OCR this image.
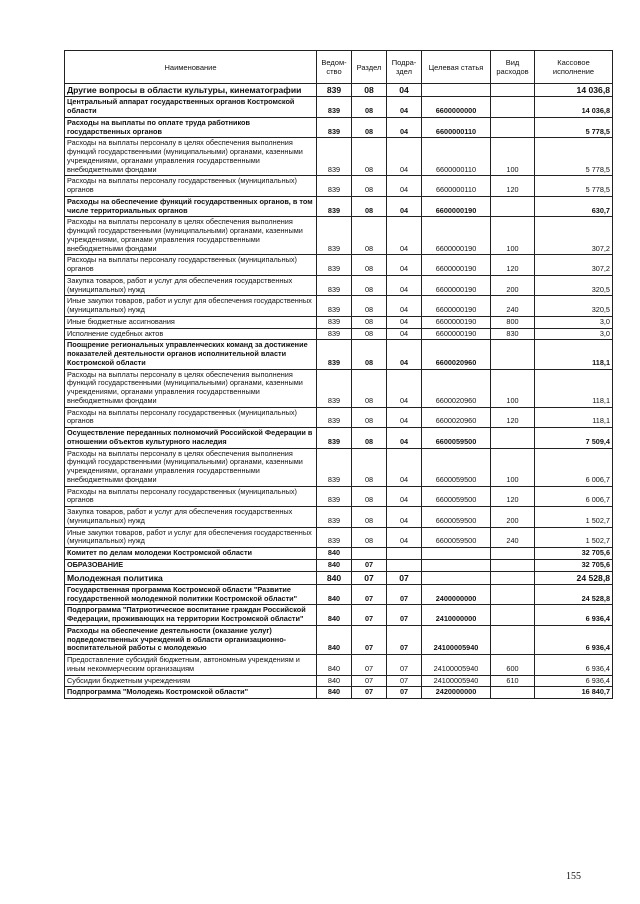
Наименование	Ведом-ство	Раздел	Подра-здел	Целевая статья	Вид расходов	Кассовое исполнение
Другие вопросы в области культуры, кинематографии	839	08	04			14 036,8
Центральный аппарат государственных органов Костромской области	839	08	04	6600000000		14 036,8
Расходы на выплаты по оплате труда работников государственных органов	839	08	04	6600000110		5 778,5
Расходы на выплаты персоналу в целях обеспечения выполнения функций государственными (муниципальными) органами, казенными учреждениями, органами управления государственными внебюджетными фондами	839	08	04	6600000110	100	5 778,5
Расходы на выплаты персоналу государственных (муниципальных) органов	839	08	04	6600000110	120	5 778,5
Расходы на обеспечение функций государственных органов, в том числе территориальных органов	839	08	04	6600000190		630,7
Расходы на выплаты персоналу в целях обеспечения выполнения функций государственными (муниципальными) органами, казенными учреждениями, органами управления государственными внебюджетными фондами	839	08	04	6600000190	100	307,2
Расходы на выплаты персоналу государственных (муниципальных) органов	839	08	04	6600000190	120	307,2
Закупка товаров, работ и услуг для обеспечения государственных (муниципальных) нужд	839	08	04	6600000190	200	320,5
Иные закупки товаров, работ и услуг для обеспечения государственных (муниципальных) нужд	839	08	04	6600000190	240	320,5
Иные бюджетные ассигнования	839	08	04	6600000190	800	3,0
Исполнение судебных актов	839	08	04	6600000190	830	3,0
Поощрение региональных управленческих команд за достижение показателей деятельности органов исполнительной власти Костромской области	839	08	04	6600020960		118,1
Расходы на выплаты персоналу в целях обеспечения выполнения функций государственными (муниципальными) органами, казенными учреждениями, органами управления государственными внебюджетными фондами	839	08	04	6600020960	100	118,1
Расходы на выплаты персоналу государственных (муниципальных) органов	839	08	04	6600020960	120	118,1
Осуществление переданных полномочий Российской Федерации в отношении объектов культурного наследия	839	08	04	6600059500		7 509,4
Расходы на выплаты персоналу в целях обеспечения выполнения функций государственными (муниципальными) органами, казенными учреждениями, органами управления государственными внебюджетными фондами	839	08	04	6600059500	100	6 006,7
Расходы на выплаты персоналу государственных (муниципальных) органов	839	08	04	6600059500	120	6 006,7
Закупка товаров, работ и услуг для обеспечения государственных (муниципальных) нужд	839	08	04	6600059500	200	1 502,7
Иные закупки товаров, работ и услуг для обеспечения государственных (муниципальных) нужд	839	08	04	6600059500	240	1 502,7
Комитет по делам молодежи Костромской области	840					32 705,6
ОБРАЗОВАНИЕ	840	07				32 705,6
Молодежная политика	840	07	07			24 528,8
Государственная программа Костромской области "Развитие государственной молодежной политики Костромской области"	840	07	07	2400000000		24 528,8
Подпрограмма "Патриотическое воспитание граждан Российской Федерации, проживающих на территории Костромской области"	840	07	07	2410000000		6 936,4
Расходы на обеспечение деятельности (оказание услуг) подведомственных учреждений в области организационно-воспитательной работы с молодежью	840	07	07	24100005940		6 936,4
Предоставление субсидий бюджетным, автономным учреждениям и иным некоммерческим организациям	840	07	07	24100005940	600	6 936,4
Субсидии бюджетным учреждениям	840	07	07	24100005940	610	6 936,4
Подпрограмма "Молодежь Костромской области"	840	07	07	2420000000		16 840,7
155
